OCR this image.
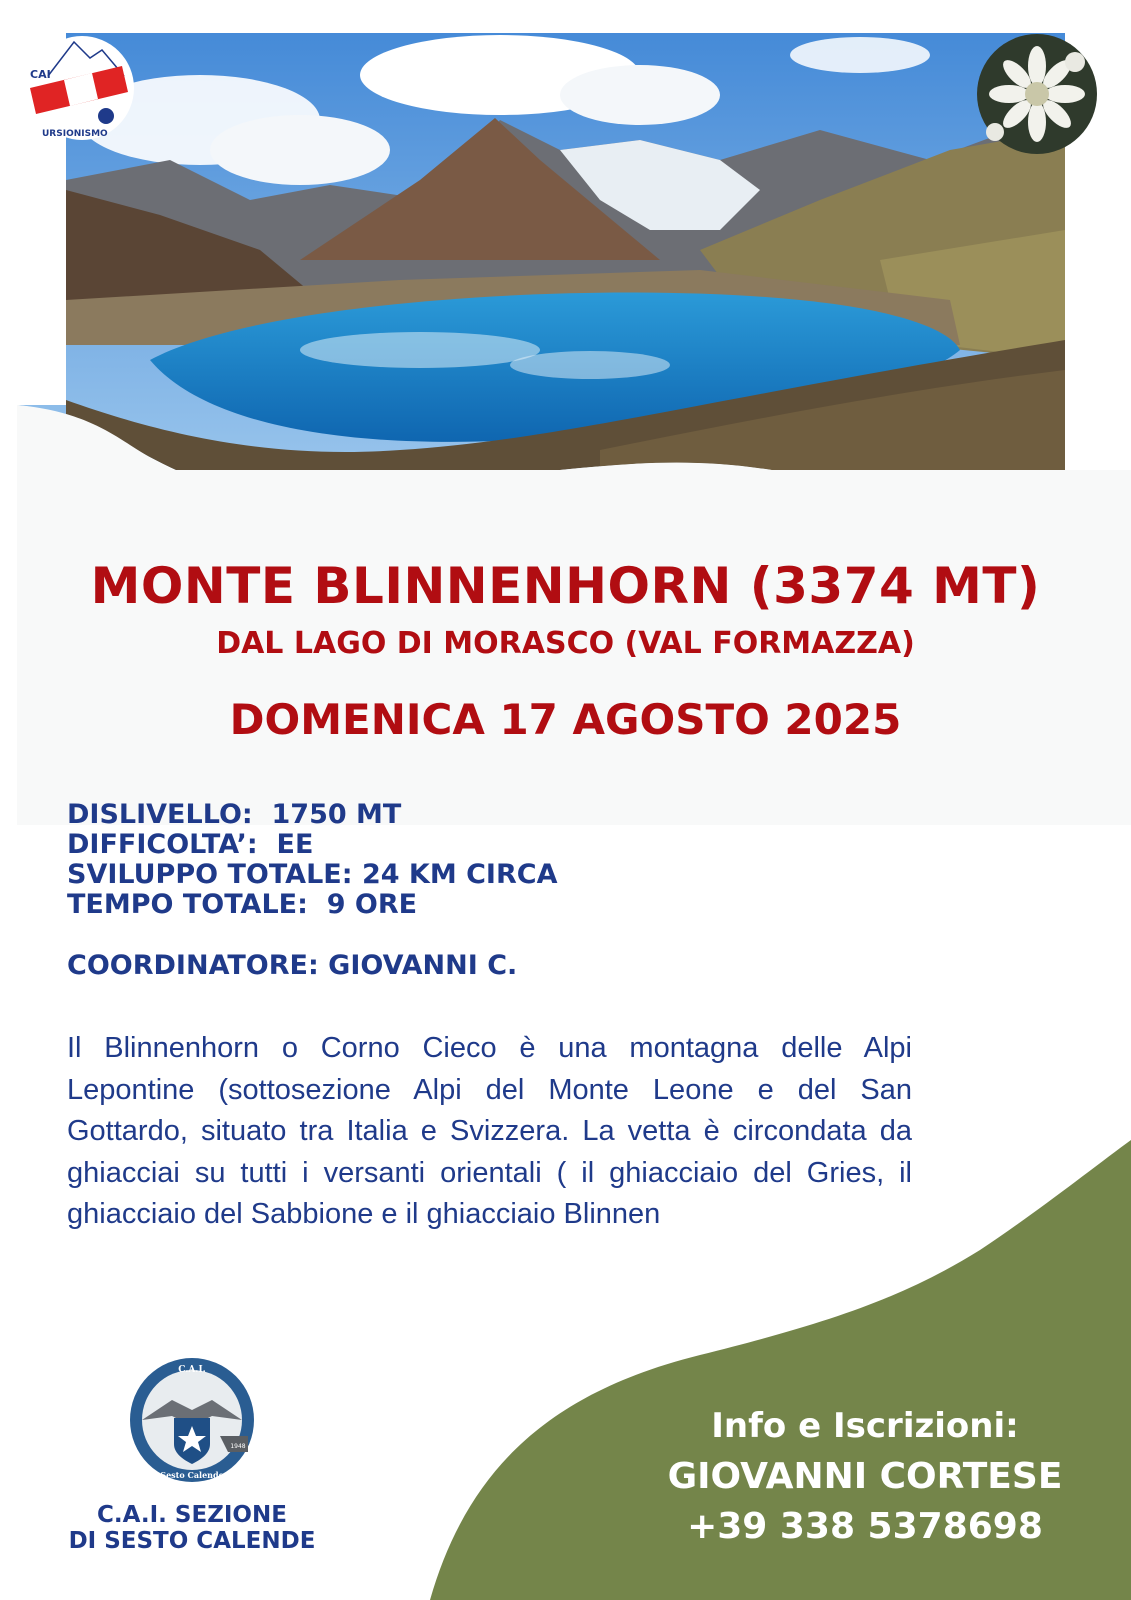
CAI
URSIONISMO
MONTE BLINNENHORN (3374 MT)
DAL LAGO DI MORASCO (VAL FORMAZZA)
DOMENICA 17 AGOSTO 2025
DISLIVELLO: 1750 MT
DIFFICOLTA’: EE
SVILUPPO TOTALE: 24 KM CIRCA
TEMPO TOTALE: 9 ORE
COORDINATORE: GIOVANNI C.

Il Blinnenhorn o Corno Cieco è una montagna delle Alpi Lepontine (sottosezione Alpi del Monte Leone e del San Gottardo, situato tra Italia e Svizzera. La vetta è circondata da ghiacciai su tutti i versanti orientali ( il ghiacciaio del Gries, il ghiacciaio del Sabbione e il ghiacciaio Blinnen

Info e Iscrizioni:
GIOVANNI CORTESE
+39 338 5378698
C.A.I.
Sesto Calende
1948
C.A.I. SEZIONE
DI SESTO CALENDE
